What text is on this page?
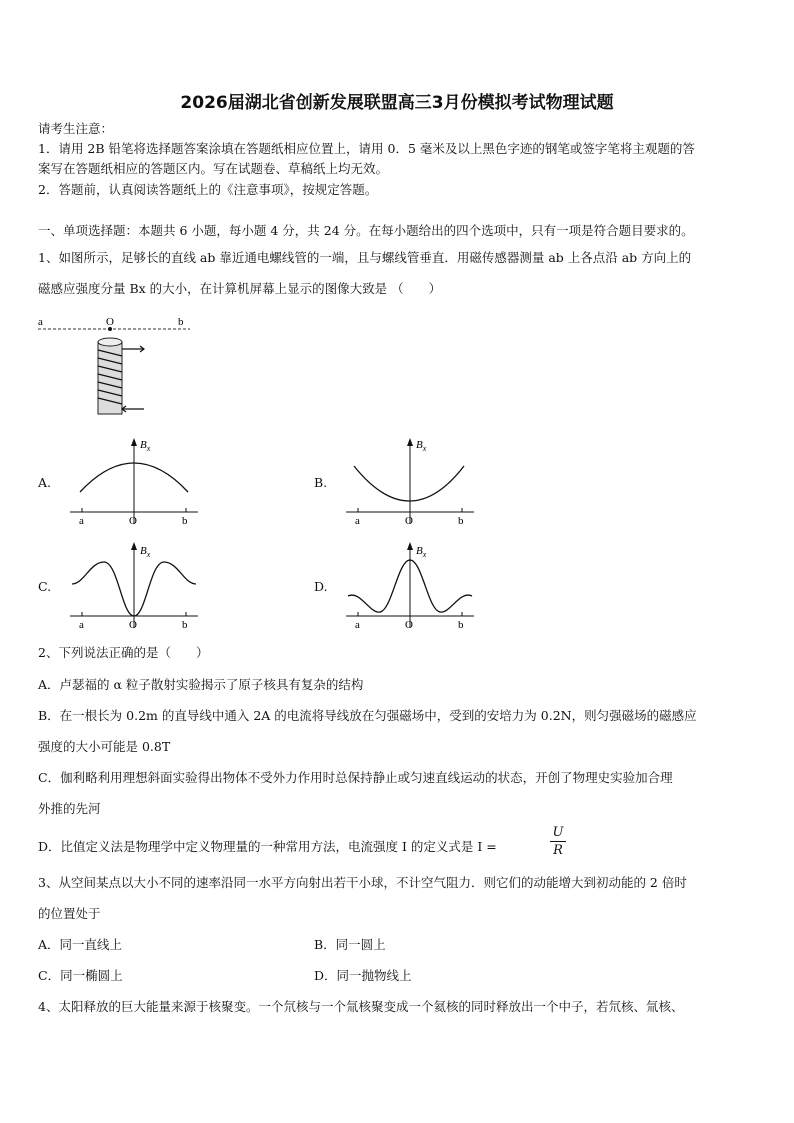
2026届湖北省创新发展联盟高三3月份模拟考试物理试题
请考生注意：
1．请用 2B 铅笔将选择题答案涂填在答题纸相应位置上，请用 0．5 毫米及以上黑色字迹的钢笔或签字笔将主观题的答
案写在答题纸相应的答题区内。写在试题卷、草稿纸上均无效。
2．答题前，认真阅读答题纸上的《注意事项》，按规定答题。
一、单项选择题：本题共 6 小题，每小题 4 分，共 24 分。在每小题给出的四个选项中，只有一项是符合题目要求的。
1、如图所示，足够长的直线 ab 靠近通电螺线管的一端，且与螺线管垂直．用磁传感器测量 ab 上各点沿 ab 方向上的
磁感应强度分量 Bx 的大小，在计算机屏幕上显示的图像大致是 （　　）
a	O	b
A.	B.
C.	D.
$B_x$
a	O	b
$B_x$
a	O	b
$B_x$
a	O	b
$B_x$
a	O	b
2、下列说法正确的是（　　）
A．卢瑟福的 α 粒子散射实验揭示了原子核具有复杂的结构
B．在一根长为 0.2m 的直导线中通入 2A 的电流将导线放在匀强磁场中，受到的安培力为 0.2N，则匀强磁场的磁感应
强度的大小可能是 0.8T
C．伽利略利用理想斜面实验得出物体不受外力作用时总保持静止或匀速直线运动的状态，开创了物理史实验加合理
外推的先河
D．比值定义法是物理学中定义物理量的一种常用方法，电流强度 I 的定义式是 I =
U
R
3、从空间某点以大小不同的速率沿同一水平方向射出若干小球，不计空气阻力．则它们的动能增大到初动能的 2 倍时
的位置处于
A．同一直线上	B．同一圆上
C．同一椭圆上	D．同一抛物线上
4、太阳释放的巨大能量来源于核聚变。一个氘核与一个氚核聚变成一个氦核的同时释放出一个中子，若氘核、氚核、
